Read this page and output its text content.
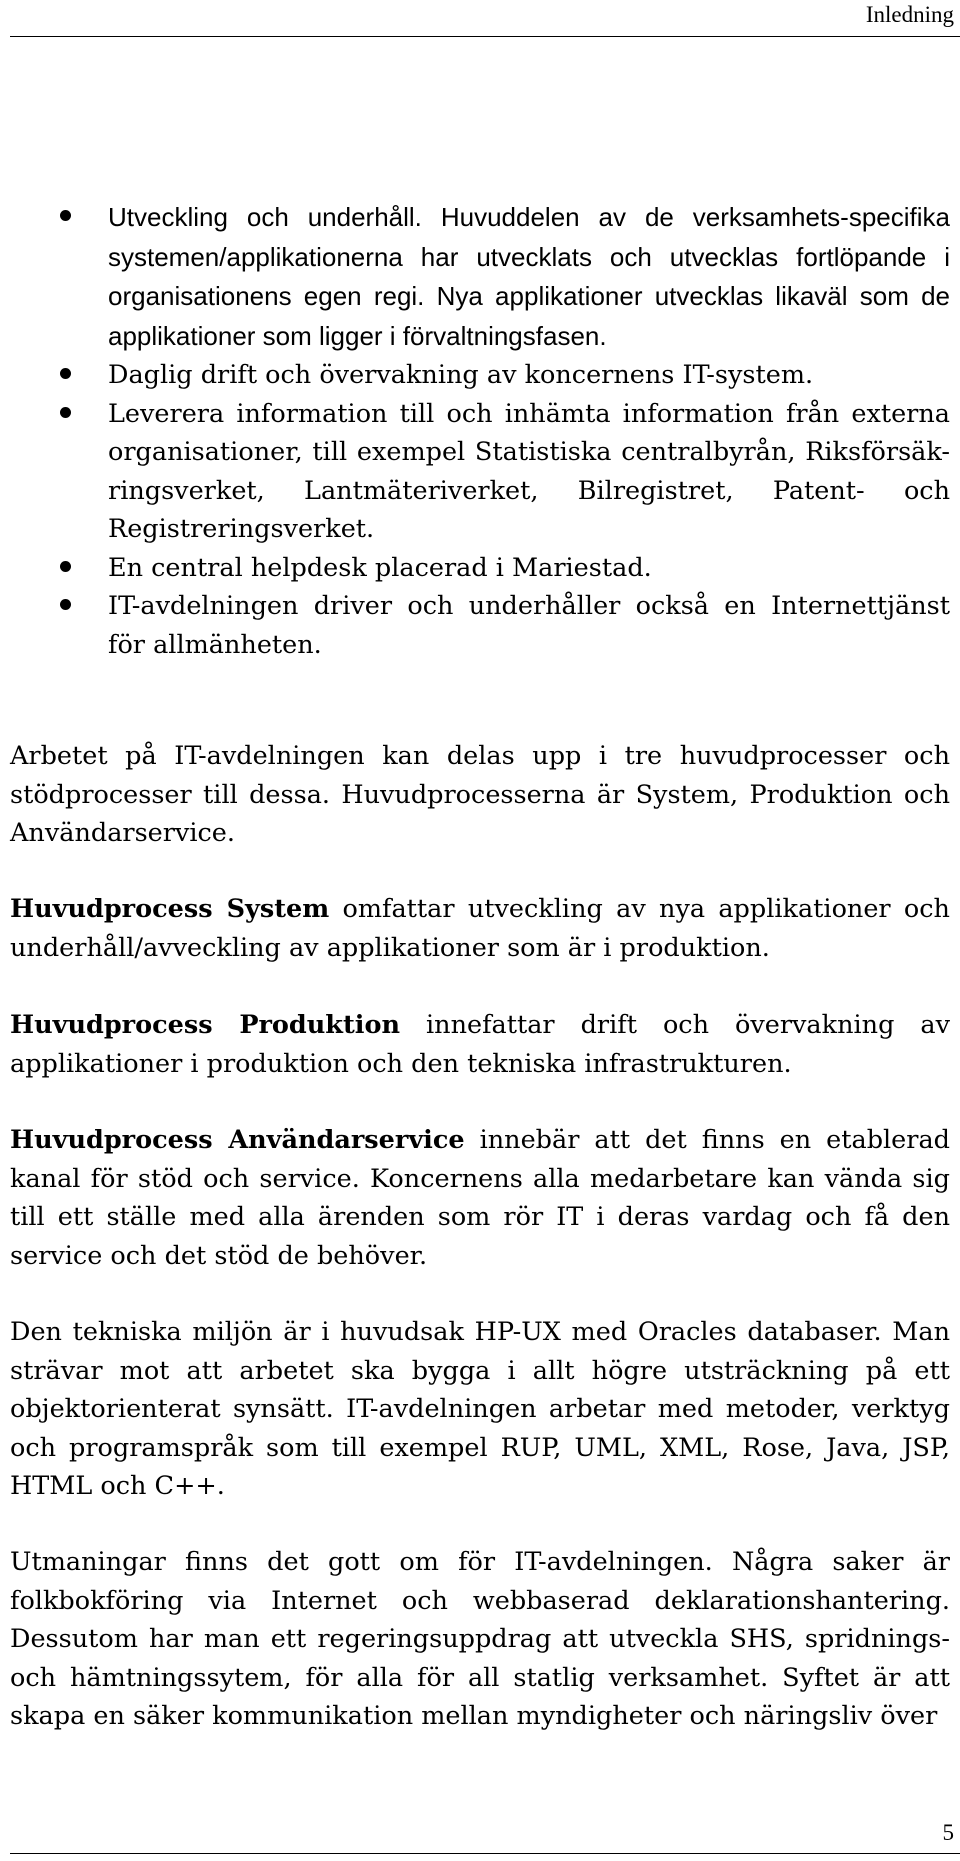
Inledning
Utveckling och underhåll. Huvuddelen av de verksamhets-specifika systemen/applikationerna har utvecklats och utvecklas fortlöpande i organisationens egen regi. Nya applikationer utvecklas likaväl som de applikationer som ligger i förvaltningsfasen.
Daglig drift och övervakning av koncernens IT-system.
Leverera information till och inhämta information från externa organisationer, till exempel Statistiska centralbyrån, Riksförsäk-ringsverket, Lantmäteriverket, Bilregistret, Patent- och Registreringsverket.
En central helpdesk placerad i Mariestad.
IT-avdelningen driver och underhåller också en Internettjänst för allmänheten.
Arbetet på IT-avdelningen kan delas upp i tre huvudprocesser och stödprocesser till dessa. Huvudprocesserna är System, Produktion och Användarservice.
Huvudprocess System omfattar utveckling av nya applikationer och underhåll/avveckling av applikationer som är i produktion.
Huvudprocess Produktion innefattar drift och övervakning av applikationer i produktion och den tekniska infrastrukturen.
Huvudprocess Användarservice innebär att det finns en etablerad kanal för stöd och service. Koncernens alla medarbetare kan vända sig till ett ställe med alla ärenden som rör IT i deras vardag och få den service och det stöd de behöver.
Den tekniska miljön är i huvudsak HP-UX med Oracles databaser. Man strävar mot att arbetet ska bygga i allt högre utsträckning på ett objektorienterat synsätt. IT-avdelningen arbetar med metoder, verktyg och programspråk som till exempel RUP, UML, XML, Rose, Java, JSP, HTML och C++.
Utmaningar finns det gott om för IT-avdelningen. Några saker är folkbokföring via Internet och webbaserad deklarationshantering. Dessutom har man ett regeringsuppdrag att utveckla SHS, spridnings- och hämtningssytem, för alla för all statlig verksamhet. Syftet är att skapa en säker kommunikation mellan myndigheter och näringsliv över
5
